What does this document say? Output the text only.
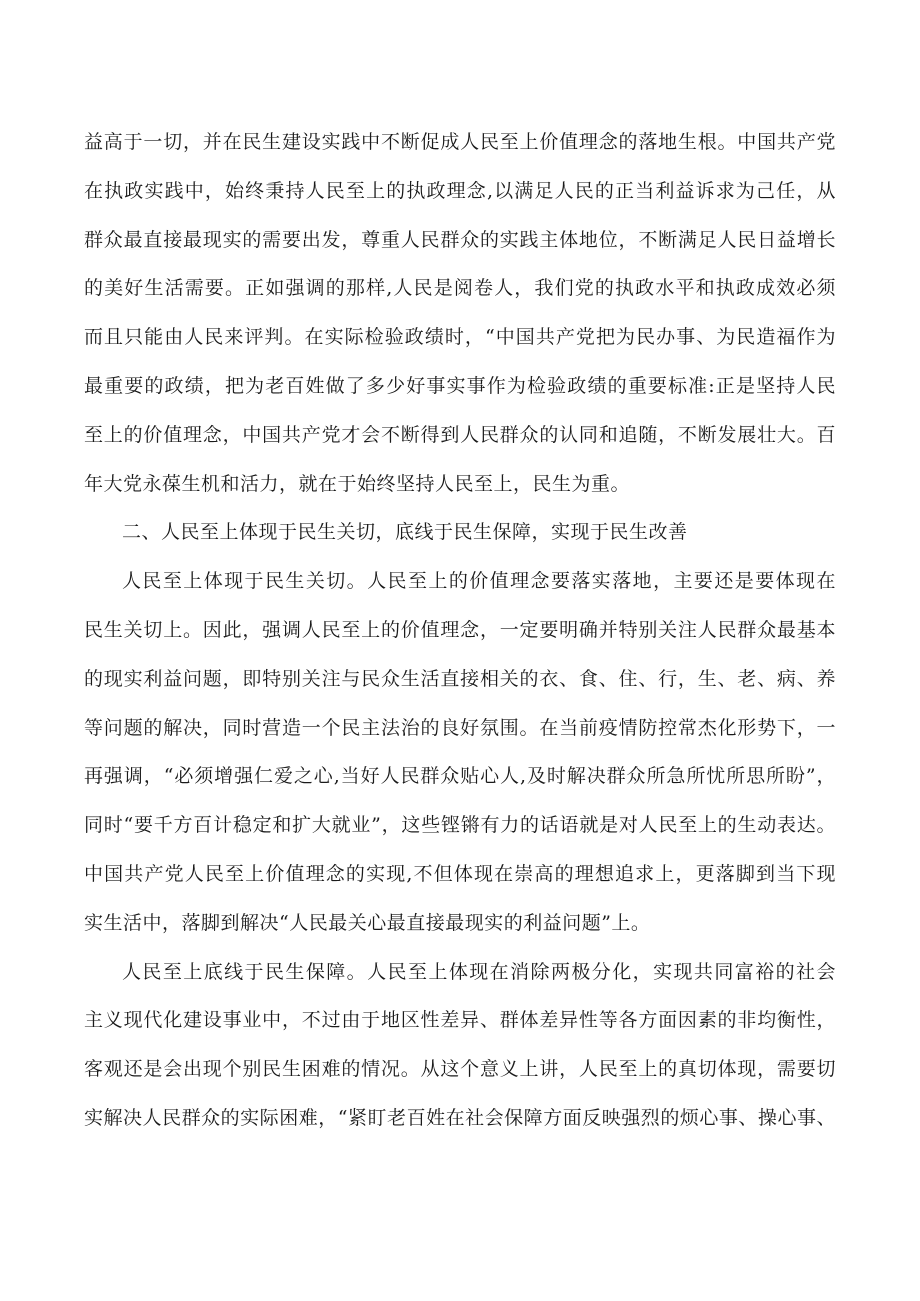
益高于一切，并在民生建设实践中不断促成人民至上价值理念的落地生根。中国共产党
在执政实践中，始终秉持人民至上的执政理念,以满足人民的正当利益诉求为己任，从
群众最直接最现实的需要出发，尊重人民群众的实践主体地位，不断满足人民日益增长
的美好生活需要。正如强调的那样,人民是阅卷人，我们党的执政水平和执政成效必须
而且只能由人民来评判。在实际检验政绩时，“中国共产党把为民办事、为民造福作为
最重要的政绩，把为老百姓做了多少好事实事作为检验政绩的重要标准:正是坚持人民
至上的价值理念，中国共产党才会不断得到人民群众的认同和追随，不断发展壮大。百
年大党永葆生机和活力，就在于始终坚持人民至上，民生为重。
二、人民至上体现于民生关切，底线于民生保障，实现于民生改善
人民至上体现于民生关切。人民至上的价值理念要落实落地，主要还是要体现在
民生关切上。因此，强调人民至上的价值理念，一定要明确并特别关注人民群众最基本
的现实利益问题，即特别关注与民众生活直接相关的衣、食、住、行，生、老、病、养
等问题的解决，同时营造一个民主法治的良好氛围。在当前疫情防控常杰化形势下，一
再强调，“必须增强仁爱之心,当好人民群众贴心人,及时解决群众所急所忧所思所盼”，
同时“要千方百计稳定和扩大就业”，这些铿锵有力的话语就是对人民至上的生动表达。
中国共产党人民至上价值理念的实现,不但体现在崇高的理想追求上，更落脚到当下现
实生活中，落脚到解决“人民最关心最直接最现实的利益问题”上。
人民至上底线于民生保障。人民至上体现在消除两极分化，实现共同富裕的社会
主义现代化建设事业中，不过由于地区性差异、群体差异性等各方面因素的非均衡性，
客观还是会出现个别民生困难的情况。从这个意义上讲，人民至上的真切体现，需要切
实解决人民群众的实际困难，“紧盯老百姓在社会保障方面反映强烈的烦心事、操心事、
